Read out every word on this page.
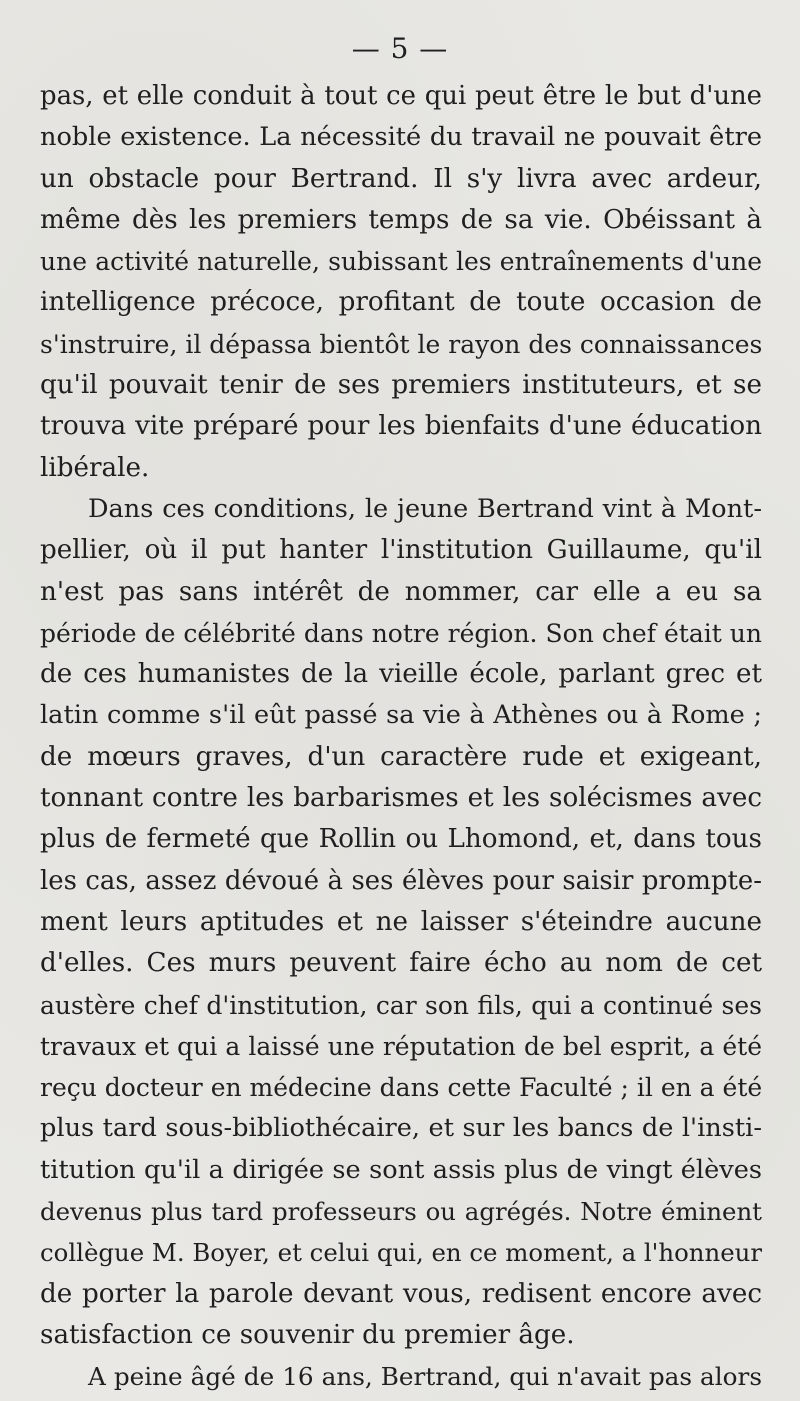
— 5 —
pas, et elle conduit à tout ce qui peut être le but d'une
noble existence. La nécessité du travail ne pouvait être
un obstacle pour Bertrand. Il s'y livra avec ardeur,
même dès les premiers temps de sa vie. Obéissant à
une activité naturelle, subissant les entraînements d'une
intelligence précoce, profitant de toute occasion de
s'instruire, il dépassa bientôt le rayon des connaissances
qu'il pouvait tenir de ses premiers instituteurs, et se
trouva vite préparé pour les bienfaits d'une éducation
libérale.
Dans ces conditions, le jeune Bertrand vint à Mont-
pellier, où il put hanter l'institution Guillaume, qu'il
n'est pas sans intérêt de nommer, car elle a eu sa
période de célébrité dans notre région. Son chef était un
de ces humanistes de la vieille école, parlant grec et
latin comme s'il eût passé sa vie à Athènes ou à Rome ;
de mœurs graves, d'un caractère rude et exigeant,
tonnant contre les barbarismes et les solécismes avec
plus de fermeté que Rollin ou Lhomond, et, dans tous
les cas, assez dévoué à ses élèves pour saisir prompte-
ment leurs aptitudes et ne laisser s'éteindre aucune
d'elles. Ces murs peuvent faire écho au nom de cet
austère chef d'institution, car son fils, qui a continué ses
travaux et qui a laissé une réputation de bel esprit, a été
reçu docteur en médecine dans cette Faculté ; il en a été
plus tard sous-bibliothécaire, et sur les bancs de l'insti-
titution qu'il a dirigée se sont assis plus de vingt élèves
devenus plus tard professeurs ou agrégés. Notre éminent
collègue M. Boyer, et celui qui, en ce moment, a l'honneur
de porter la parole devant vous, redisent encore avec
satisfaction ce souvenir du premier âge.
A peine âgé de 16 ans, Bertrand, qui n'avait pas alors
